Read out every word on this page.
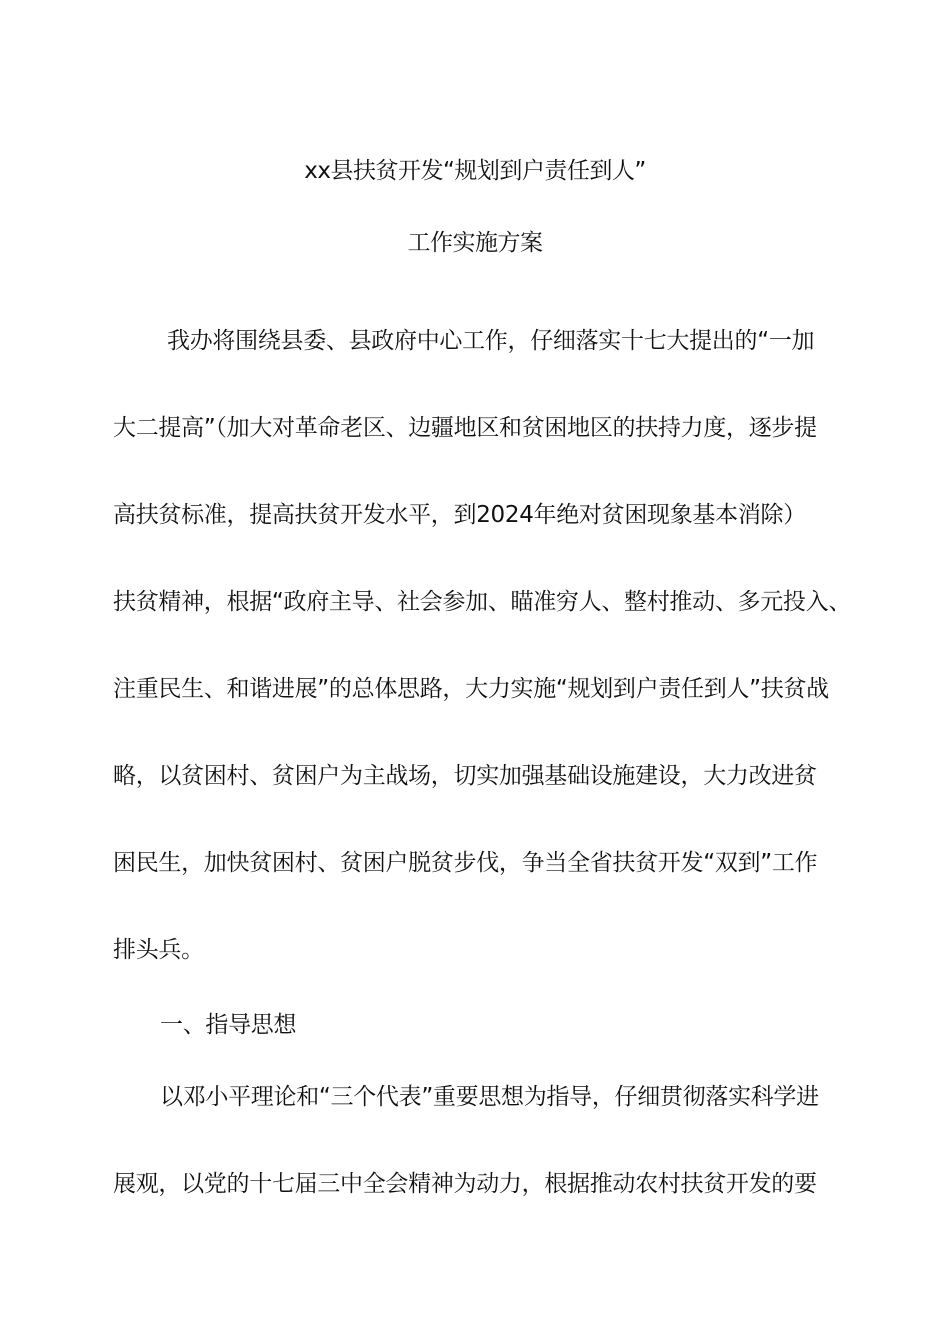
xx县扶贫开发“规划到户责任到人”
工作实施方案
我办将围绕县委、县政府中心工作，仔细落实十七大提出的“一加
大二提高”（加大对革命老区、边疆地区和贫困地区的扶持力度，逐步提
高扶贫标准，提高扶贫开发水平，到2024年绝对贫困现象基本消除）
扶贫精神，根据“政府主导、社会参加、瞄准穷人、整村推动、多元投入、
注重民生、和谐进展”的总体思路，大力实施“规划到户责任到人”扶贫战
略，以贫困村、贫困户为主战场，切实加强基础设施建设，大力改进贫
困民生，加快贫困村、贫困户脱贫步伐，争当全省扶贫开发“双到”工作
排头兵。
一、指导思想
以邓小平理论和“三个代表”重要思想为指导，仔细贯彻落实科学进
展观，以党的十七届三中全会精神为动力，根据推动农村扶贫开发的要
